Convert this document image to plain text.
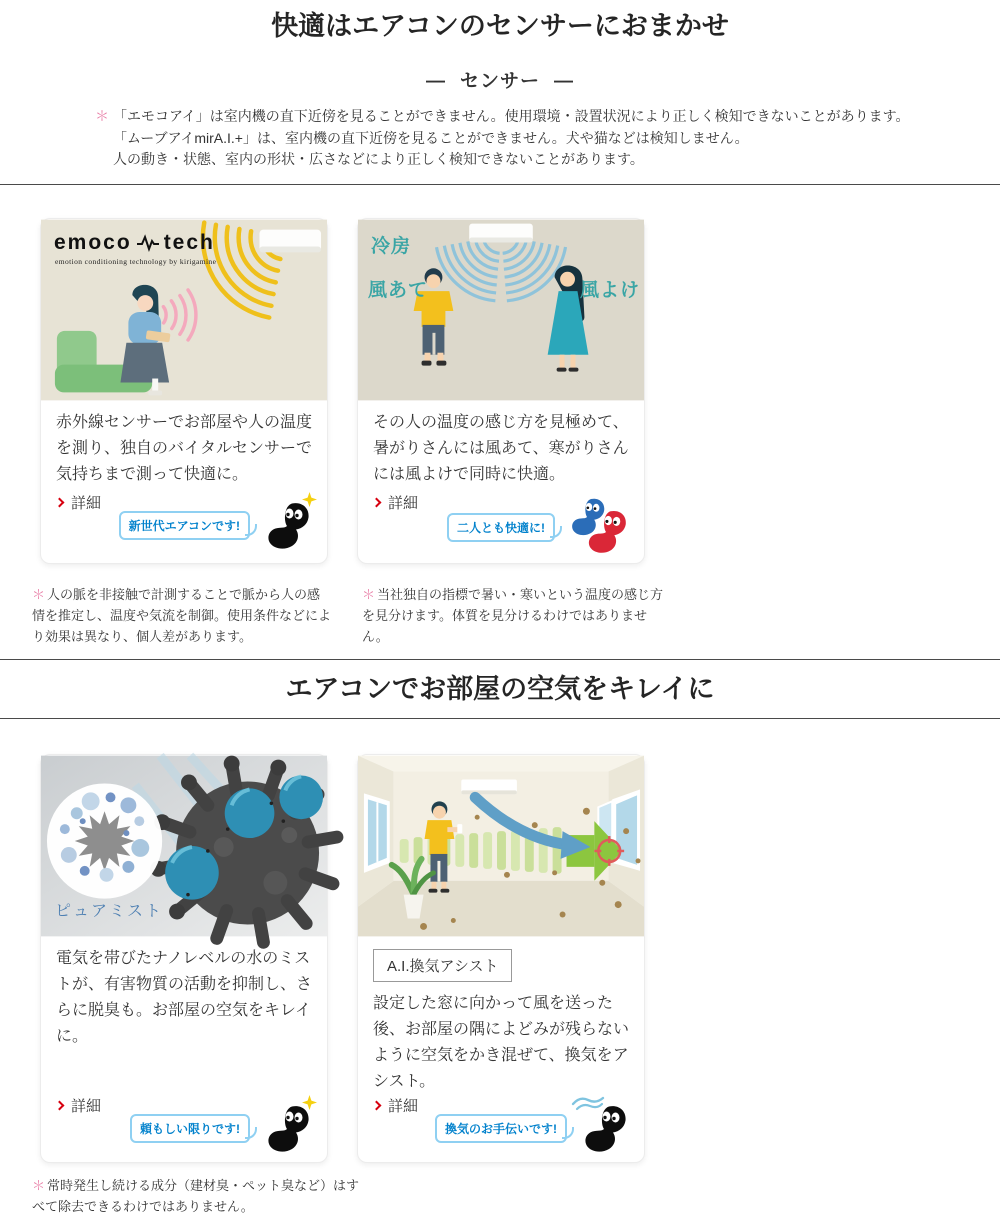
快適はエアコンのセンサーにおまかせ
— センサー —
＊ 「エモコアイ」は室内機の直下近傍を見ることができません。使用環境・設置状況により正しく検知できないことがあります。
「ムーブアイmirA.I.+」は、室内機の直下近傍を見ることができません。犬や猫などは検知しません。
人の動き・状態、室内の形状・広さなどにより正しく検知できないことがあります。
emoco tech
emotion conditioning technology by kirigamine

赤外線センサーでお部屋や人の温度を測り、独自のバイタルセンサーで気持ちまで測って快適に。

詳細
新世代エアコンです!
冷房
風あて	風よけ

その人の温度の感じ方を見極めて、暑がりさんには風あて、寒がりさんには風よけで同時に快適。

詳細
二人とも快適に!

＊ 人の脈を非接触で計測することで脈から人の感情を推定し、温度や気流を制御。使用条件などにより効果は異なり、個人差があります。

＊ 当社独自の指標で暑い・寒いという温度の感じ方を見分けます。体質を見分けるわけではありません。

エアコンでお部屋の空気をキレイに
ピュアミスト

電気を帯びたナノレベルの水のミストが、有害物質の活動を抑制し、さらに脱臭も。お部屋の空気をキレイに。

詳細
頼もしい限りです!
A.I.換気アシスト

設定した窓に向かって風を送った後、お部屋の隅によどみが残らないように空気をかき混ぜて、換気をアシスト。

詳細
換気のお手伝いです!

＊ 常時発生し続ける成分（建材臭・ペット臭など）はすべて除去できるわけではありません。
